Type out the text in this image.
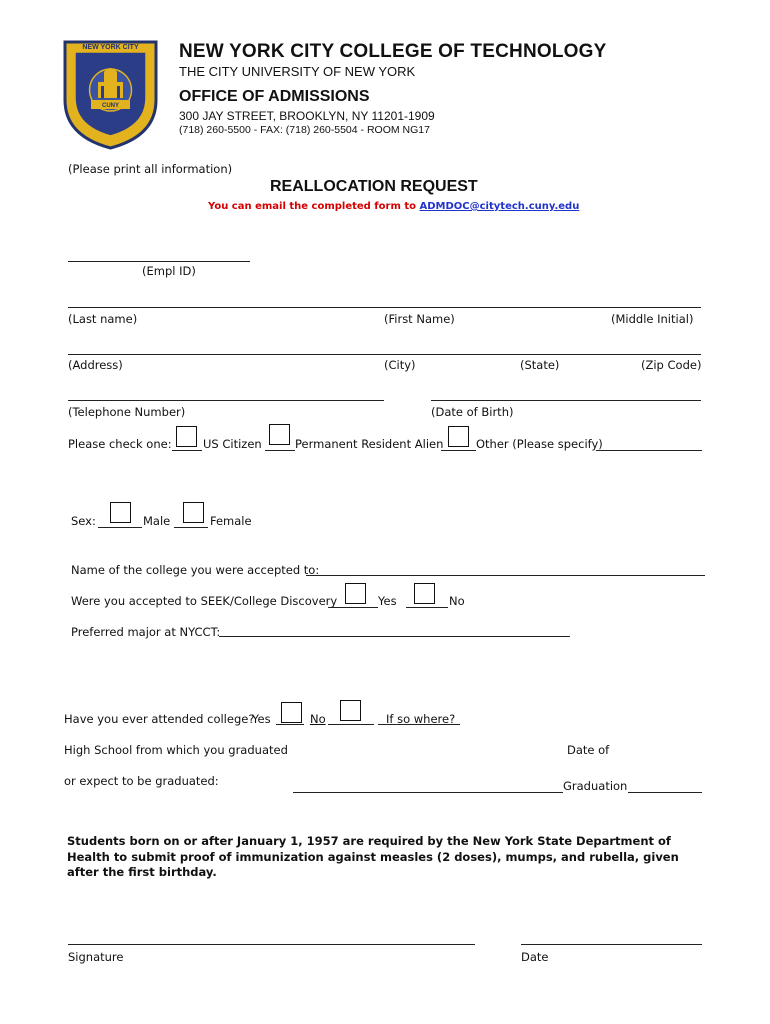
NEW YORK CITY
CUNY
NEW YORK CITY COLLEGE OF TECHNOLOGY
THE CITY UNIVERSITY OF NEW YORK
OFFICE OF ADMISSIONS
300 JAY STREET, BROOKLYN, NY 11201-1909
(718) 260-5500 - FAX: (718) 260-5504 - ROOM NG17
(Please print all information)
REALLOCATION REQUEST
You can email the completed form to ADMDOC@citytech.cuny.edu
(Empl ID)
(Last name)	(First Name)	(Middle Initial)
(Address)	(City)	(State)	(Zip Code)
(Telephone Number)	(Date of Birth)
Please check one:	US Citizen	Permanent Resident Alien	Other (Please specify)
Sex:	Male	Female
Name of the college you were accepted to:
Were you accepted to SEEK/College Discovery	Yes	No
Preferred major at NYCCT:
Have you ever attended college?
Yes	No	If so where?
High School from which you graduated	Date of
or expect to be graduated:	Graduation
Students born on or after January 1, 1957 are required by the New York State Department of Health to submit proof of immunization against measles (2 doses), mumps, and rubella, given after the first birthday.
Signature	Date
